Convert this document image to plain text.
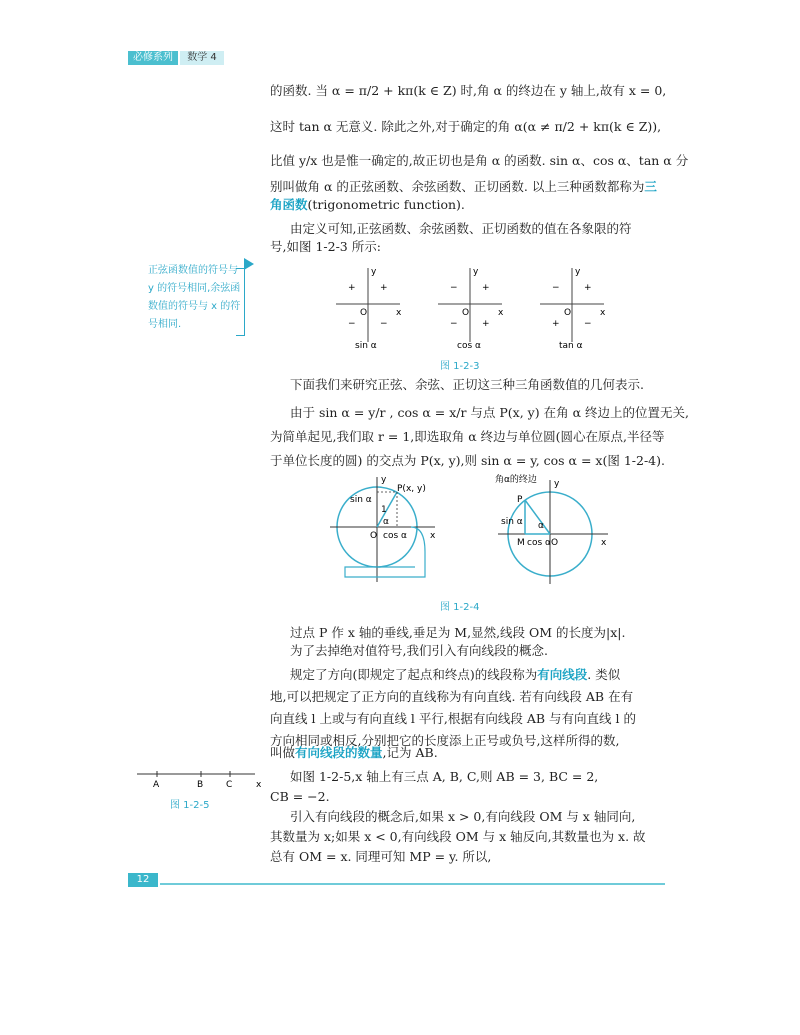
必修系列	数学 4
的函数. 当 α = π/2 + kπ(k ∈ Z) 时,角 α 的终边在 y 轴上,故有 x = 0,
这时 tan α 无意义. 除此之外,对于确定的角 α(α ≠ π/2 + kπ(k ∈ Z)),
比值 y/x 也是惟一确定的,故正切也是角 α 的函数. sin α、cos α、tan α 分
别叫做角 α 的正弦函数、余弦函数、正切函数. 以上三种函数都称为三
角函数(trigonometric function).
由定义可知,正弦函数、余弦函数、正切函数的值在各象限的符
号,如图 1-2-3 所示:
正弦函数值的符号与 y 的符号相同,余弦函数值的符号与 x 的符号相同.
y
x
O
+
+
−	−
sin α
y
x
O
−	+
−	+
cos α
y
x
O
−	+
+	−
tan α
图 1-2-3
下面我们来研究正弦、余弦、正切这三种三角函数值的几何表示.
由于 sin α = y/r , cos α = x/r 与点 P(x, y) 在角 α 终边上的位置无关,
为简单起见,我们取 r = 1,即选取角 α 终边与单位圆(圆心在原点,半径等
于单位长度的圆) 的交点为 P(x, y),则 sin α = y, cos α = x(图 1-2-4).
y
x
O
P(x, y)
sin α
cos α
1
α
角α的终边 y
x
O
P
M
sin α
cos α
α
图 1-2-4
过点 P 作 x 轴的垂线,垂足为 M,显然,线段 OM 的长度为|x|.
为了去掉绝对值符号,我们引入有向线段的概念.
规定了方向(即规定了起点和终点)的线段称为有向线段. 类似
地,可以把规定了正方向的直线称为有向直线. 若有向线段 AB 在有
向直线 l 上或与有向直线 l 平行,根据有向线段 AB 与有向直线 l 的
方向相同或相反,分别把它的长度添上正号或负号,这样所得的数,
叫做有向线段的数量,记为 AB.
如图 1-2-5,x 轴上有三点 A, B, C,则 AB = 3, BC = 2,
CB = −2.
A	B	C	x
图 1-2-5
引入有向线段的概念后,如果 x > 0,有向线段 OM 与 x 轴同向,
其数量为 x;如果 x < 0,有向线段 OM 与 x 轴反向,其数量也为 x. 故
总有 OM = x. 同理可知 MP = y. 所以,
12
